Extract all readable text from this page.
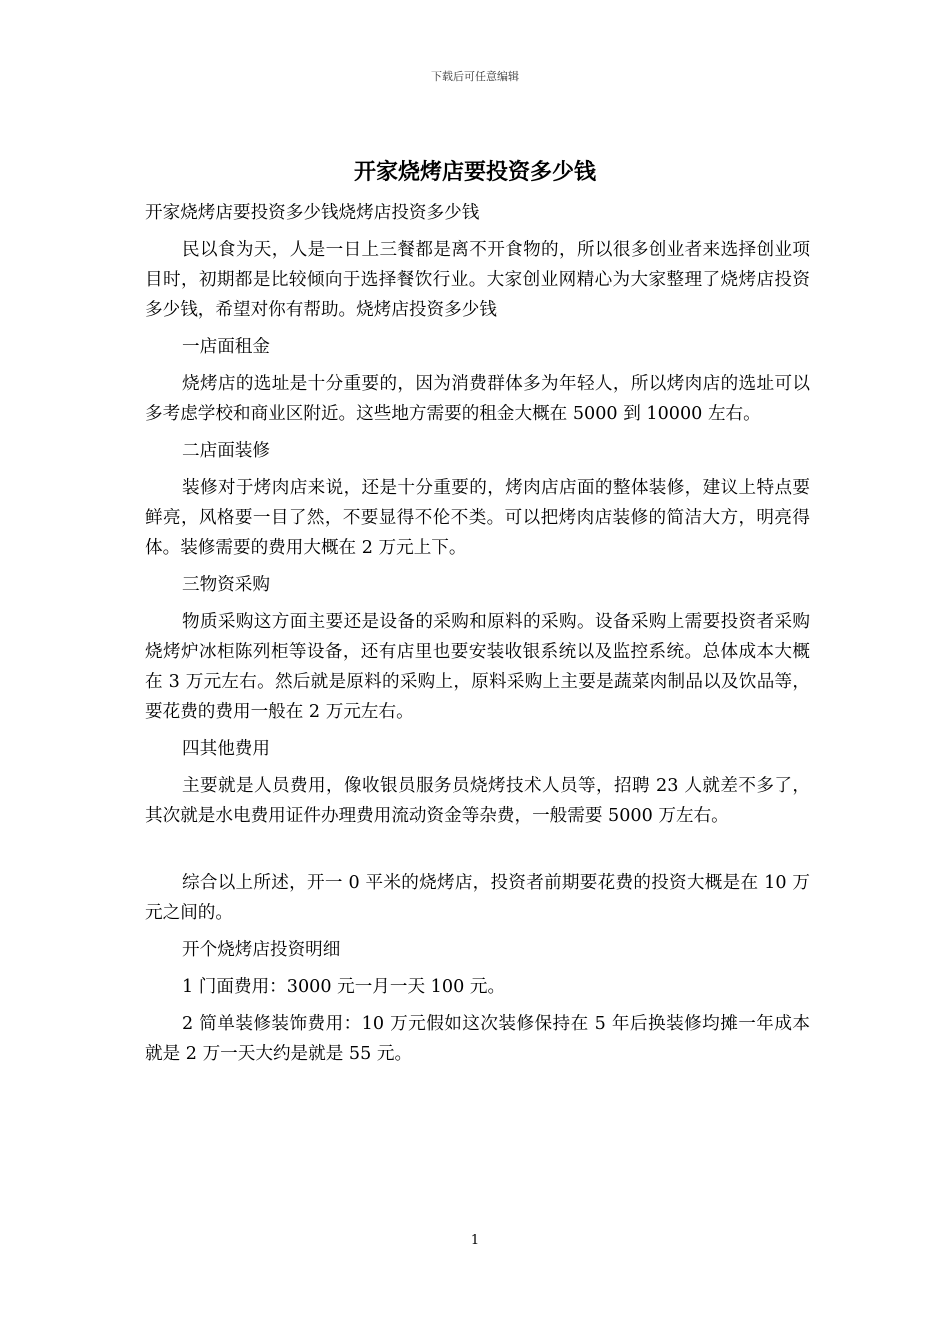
下载后可任意编辑
开家烧烤店要投资多少钱

开家烧烤店要投资多少钱烧烤店投资多少钱

民以食为天，人是一日上三餐都是离不开食物的，所以很多创业者来选择创业项目时，初期都是比较倾向于选择餐饮行业。大家创业网精心为大家整理了烧烤店投资多少钱，希望对你有帮助。烧烤店投资多少钱

一店面租金

烧烤店的选址是十分重要的，因为消费群体多为年轻人，所以烤肉店的选址可以多考虑学校和商业区附近。这些地方需要的租金大概在 5000 到 10000 左右。

二店面装修

装修对于烤肉店来说，还是十分重要的，烤肉店店面的整体装修，建议上特点要鲜亮，风格要一目了然，不要显得不伦不类。可以把烤肉店装修的简洁大方，明亮得体。装修需要的费用大概在 2 万元上下。

三物资采购

物质采购这方面主要还是设备的采购和原料的采购。设备采购上需要投资者采购烧烤炉冰柜陈列柜等设备，还有店里也要安装收银系统以及监控系统。总体成本大概在 3 万元左右。然后就是原料的采购上，原料采购上主要是蔬菜肉制品以及饮品等，要花费的费用一般在 2 万元左右。

四其他费用

主要就是人员费用，像收银员服务员烧烤技术人员等，招聘 23 人就差不多了，其次就是水电费用证件办理费用流动资金等杂费，一般需要 5000 万左右。

综合以上所述，开一 0 平米的烧烤店，投资者前期要花费的投资大概是在 10 万元之间的。

开个烧烤店投资明细

1 门面费用：3000 元一月一天 100 元。

2 简单装修装饰费用：10 万元假如这次装修保持在 5 年后换装修均摊一年成本就是 2 万一天大约是就是 55 元。

1
